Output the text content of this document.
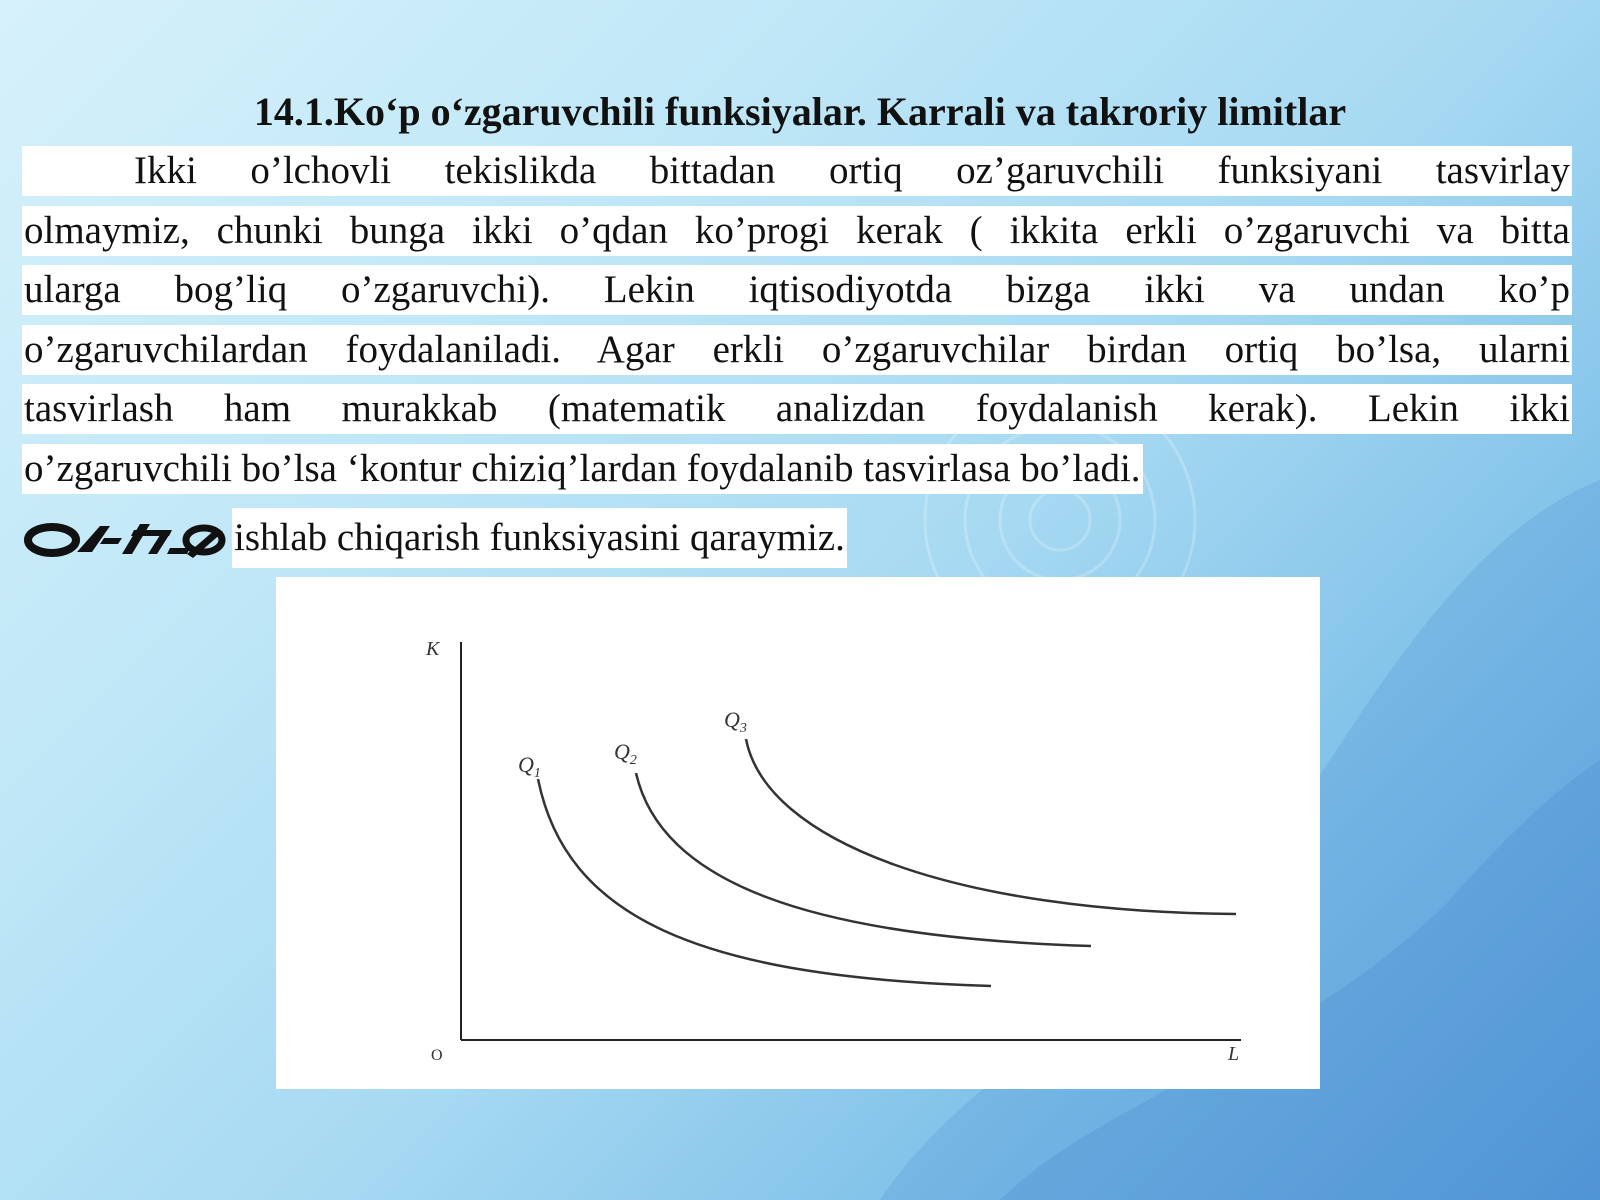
14.1.Ko‘p o‘zgaruvchili funksiyalar. Karrali va takroriy limitlar
Ikki o’lchovli tekislikda bittadan ortiq oz’garuvchili funksiyani tasvirlay
olmaymiz, chunki bunga ikki o’qdan ko’progi kerak ( ikkita erkli o’zgaruvchi va bitta
ularga bog’liq o’zgaruvchi). Lekin iqtisodiyotda bizga ikki va undan ko’p
o’zgaruvchilardan foydalaniladi. Agar erkli o’zgaruvchilar birdan ortiq bo’lsa, ularni
tasvirlash ham murakkab (matematik analizdan foydalanish kerak). Lekin ikki
o’zgaruvchili bo’lsa ‘kontur chiziq’lardan foydalanib tasvirlasa bo’ladi.
ishlab chiqarish funksiyasini qaraymiz.
K
L
O
$Q_1$
$Q_2$
$Q_3$
